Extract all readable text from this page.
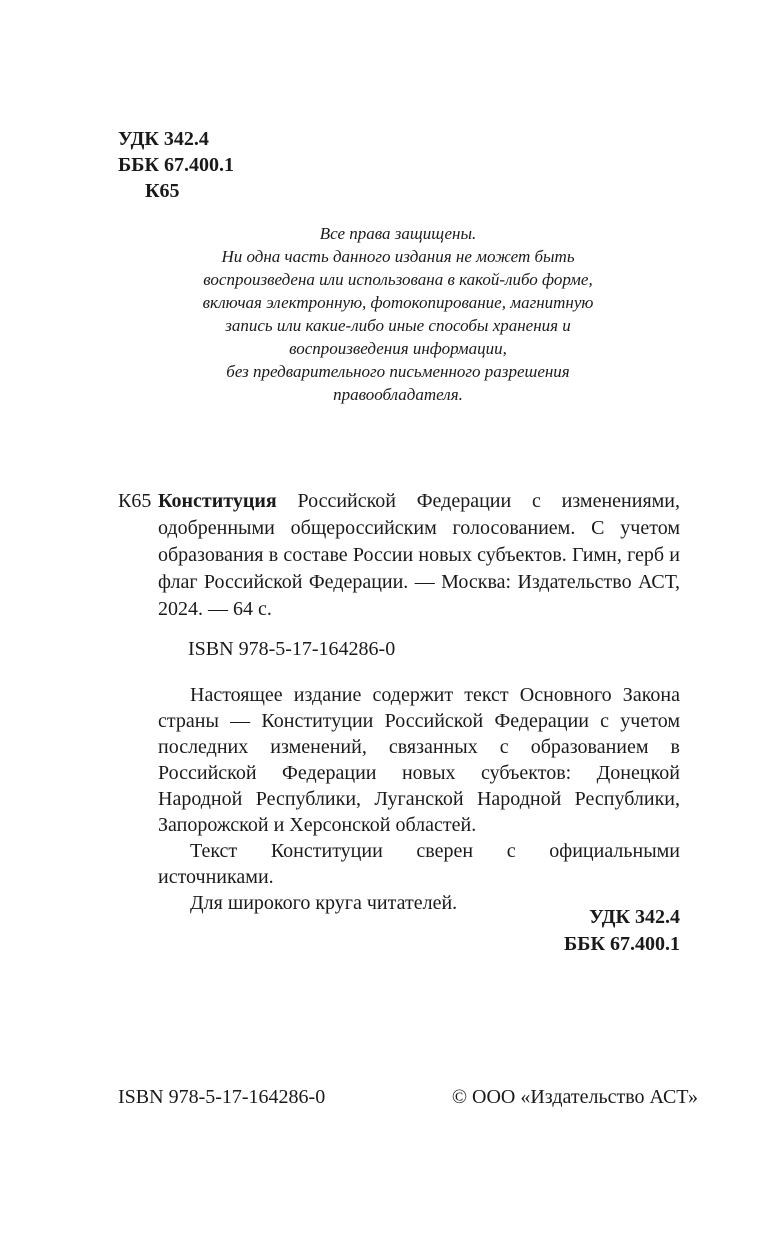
УДК 342.4
ББК 67.400.1
К65
Все права защищены.
Ни одна часть данного издания не может быть
воспроизведена или использована в какой-либо форме,
включая электронную, фотокопирование, магнитную
запись или какие-либо иные способы хранения и
воспроизведения информации,
без предварительного письменного разрешения
правообладателя.
К65 Конституция Российской Федерации с изменениями, одобренными общероссийским голосованием. С учетом образования в составе России новых субъектов. Гимн, герб и флаг Российской Федерации. — Москва: Издательство АСТ, 2024. — 64 с.
ISBN 978-5-17-164286-0

Настоящее издание содержит текст Основного Закона страны — Конституции Российской Федерации с учетом последних изменений, связанных с образованием в Российской Федерации новых субъектов: Донецкой Народной Республики, Луганской Народной Республики, Запорожской и Херсонской областей.

Текст Конституции сверен с официальными источниками.

Для широкого круга читателей.

УДК 342.4
ББК 67.400.1
ISBN 978-5-17-164286-0	© ООО «Издательство АСТ»
